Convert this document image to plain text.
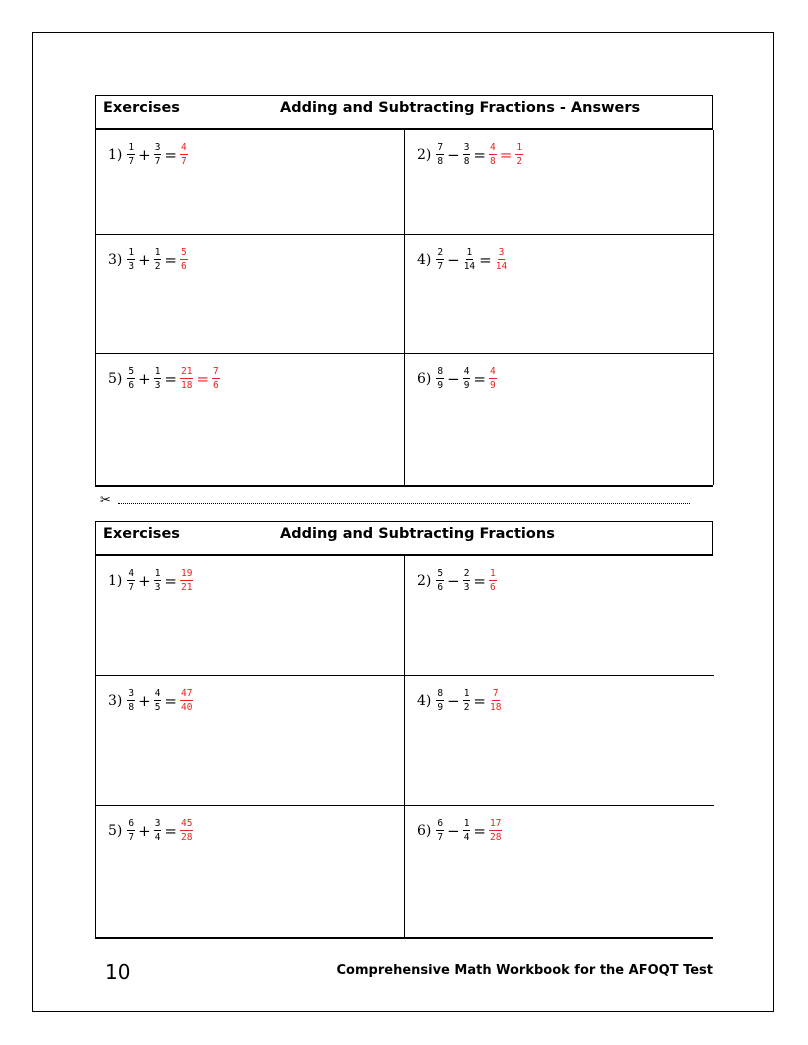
Exercises	Adding and Subtracting Fractions - Answers
$1) \frac{1}{7} + \frac{3}{7} = \frac{4}{7}$	$2) \frac{7}{8} - \frac{3}{8} = \frac{4}{8} = \frac{1}{2}$
$3) \frac{1}{3} + \frac{1}{2} = \frac{5}{6}$	$4) \frac{2}{7} - \frac{1}{14} = \frac{3}{14}$
$5) \frac{5}{6} + \frac{1}{3} = \frac{21}{18} = \frac{7}{6}$	$6) \frac{8}{9} - \frac{4}{9} = \frac{4}{9}$
✂
Exercises	Adding and Subtracting Fractions
$1) \frac{4}{7} + \frac{1}{3} = \frac{19}{21}$	$2) \frac{5}{6} - \frac{2}{3} = \frac{1}{6}$
$3) \frac{3}{8} + \frac{4}{5} = \frac{47}{40}$	$4) \frac{8}{9} - \frac{1}{2} = \frac{7}{18}$
$5) \frac{6}{7} + \frac{3}{4} = \frac{45}{28}$	$6) \frac{6}{7} - \frac{1}{4} = \frac{17}{28}$
10	Comprehensive Math Workbook for the AFOQT Test
